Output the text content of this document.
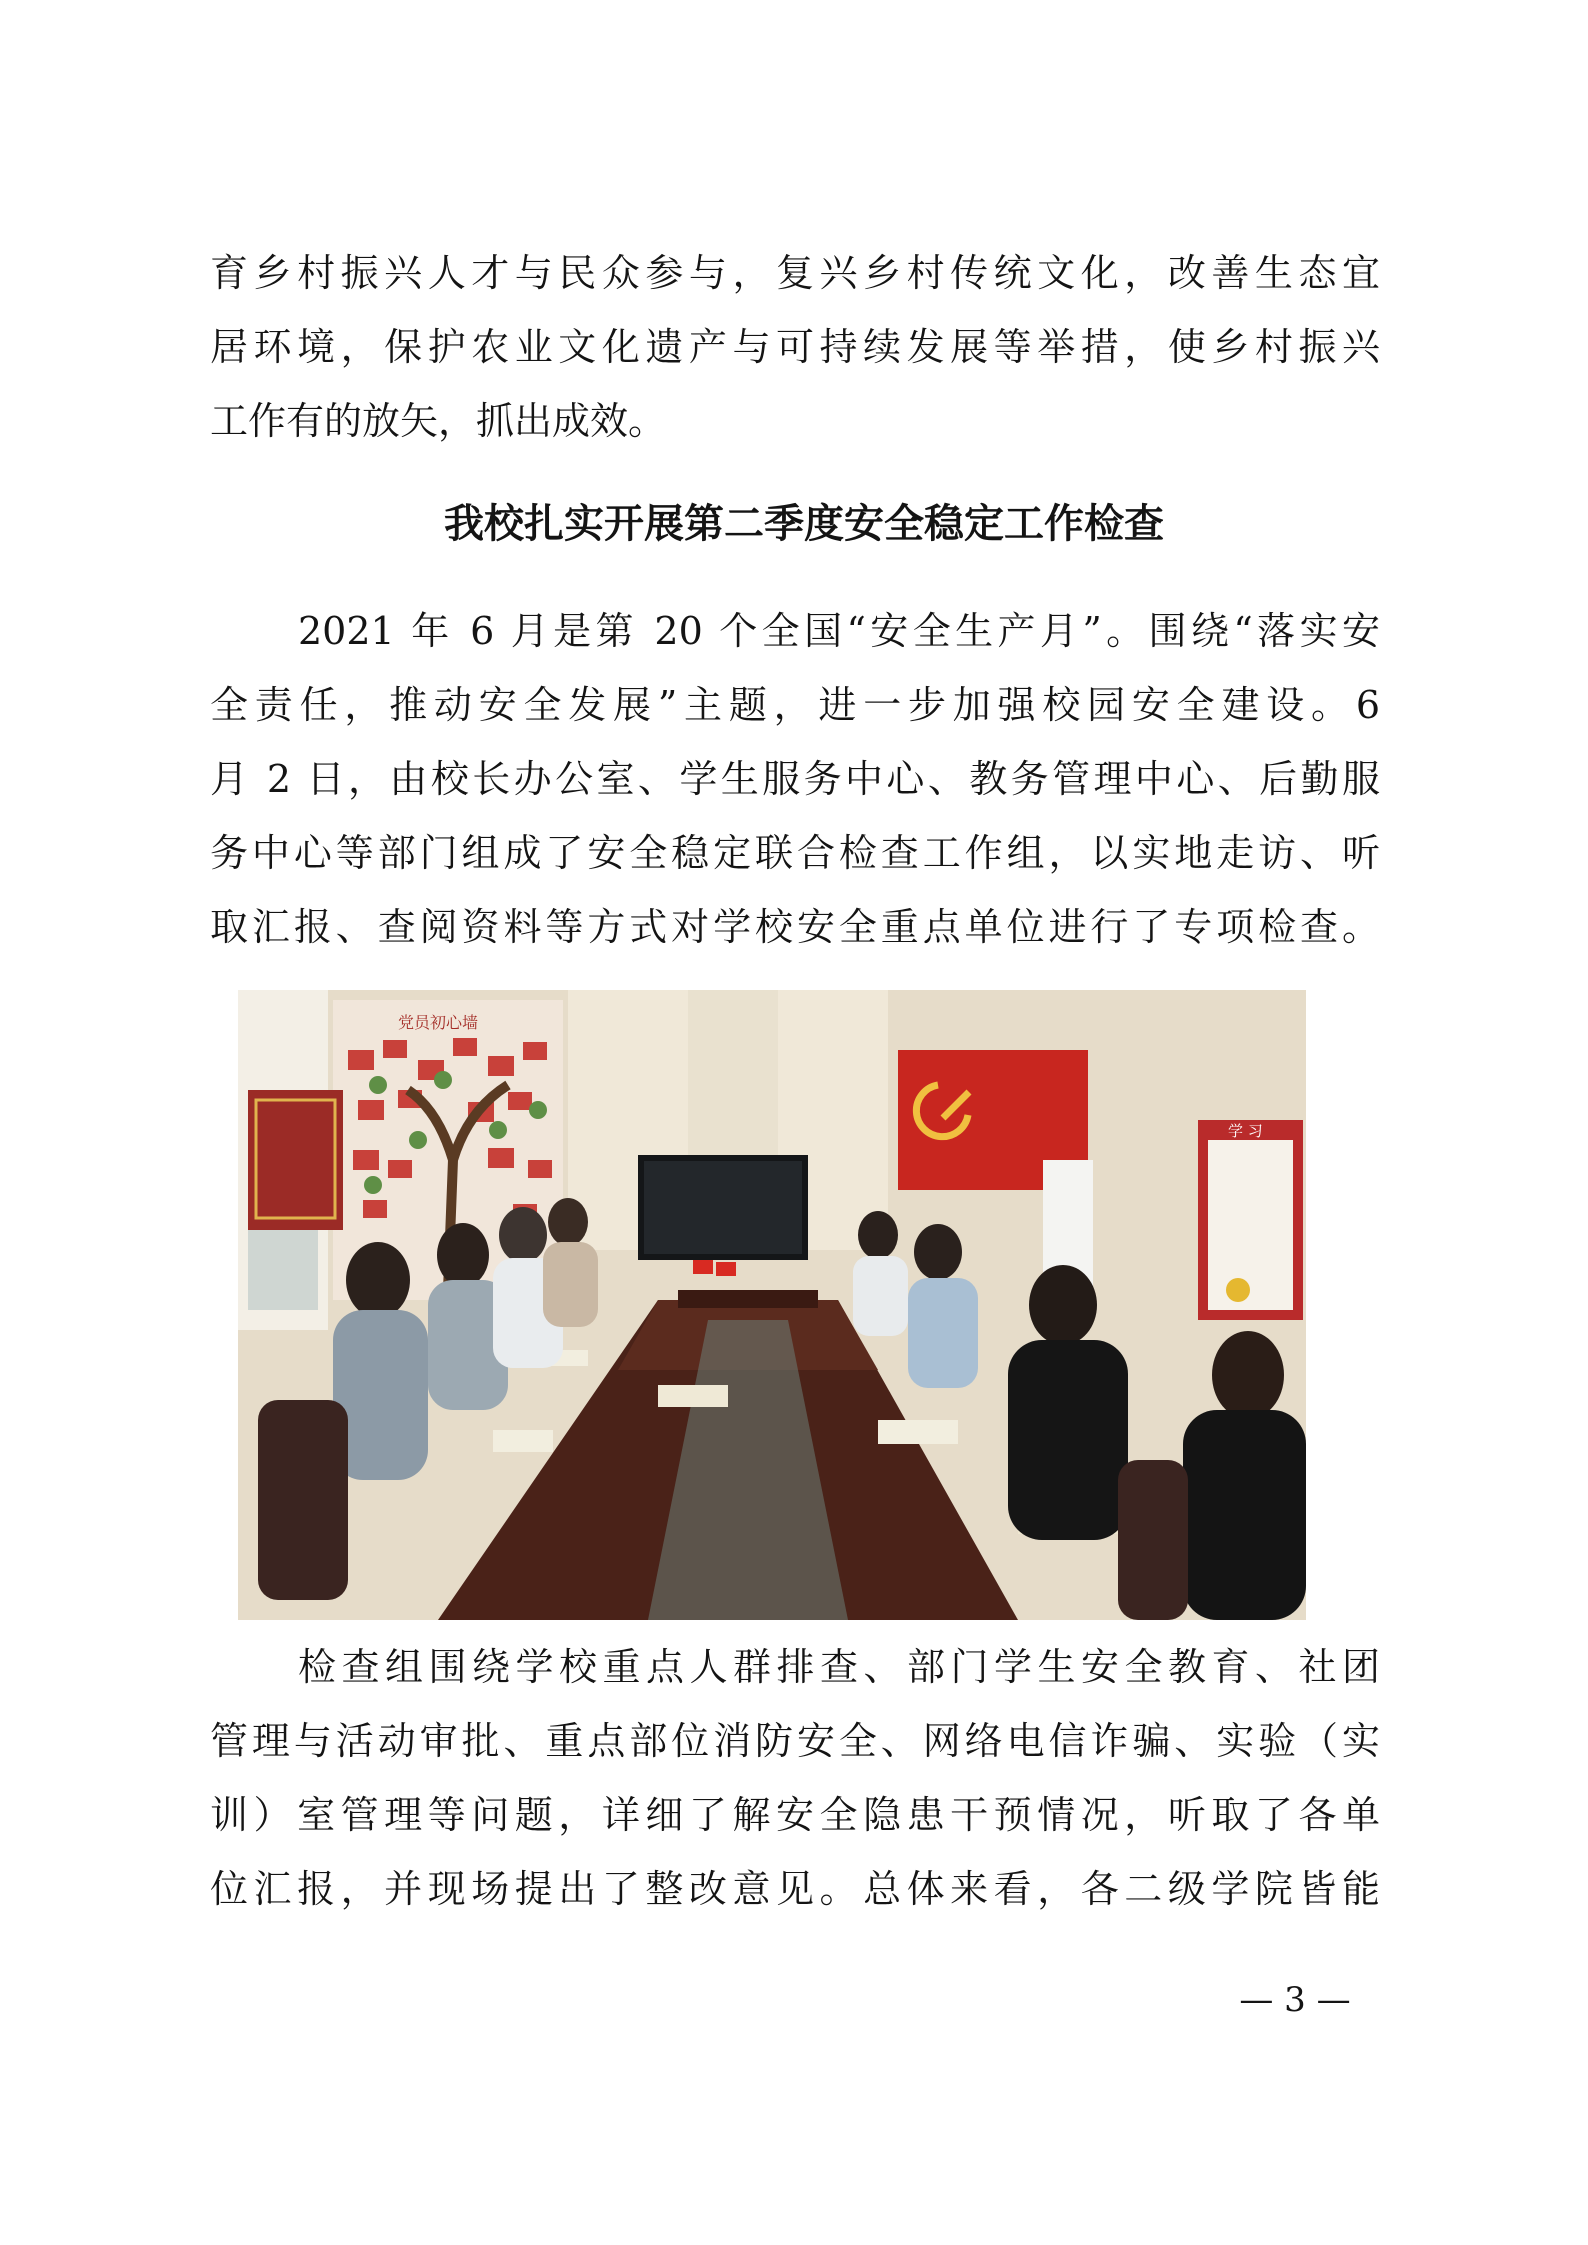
育乡村振兴人才与民众参与，复兴乡村传统文化，改善生态宜
居环境，保护农业文化遗产与可持续发展等举措，使乡村振兴
工作有的放矢，抓出成效。
我校扎实开展第二季度安全稳定工作检查
2021 年 6 月是第 20 个全国“安全生产月”。围绕“落实安
全责任，推动安全发展”主题，进一步加强校园安全建设。6
月 2 日，由校长办公室、学生服务中心、教务管理中心、后勤服
务中心等部门组成了安全稳定联合检查工作组，以实地走访、听
取汇报、查阅资料等方式对学校安全重点单位进行了专项检查。
党员初心墙
学 习
检查组围绕学校重点人群排查、部门学生安全教育、社团
管理与活动审批、重点部位消防安全、网络电信诈骗、实验（实
训）室管理等问题，详细了解安全隐患干预情况，听取了各单
位汇报，并现场提出了整改意见。总体来看，各二级学院皆能
— 3 —
